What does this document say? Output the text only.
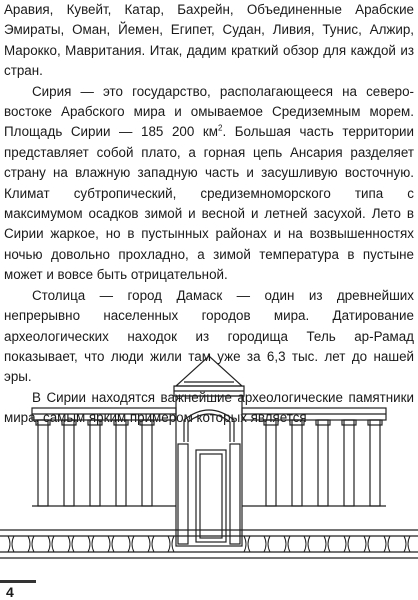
Аравия, Кувейт, Катар, Бахрейн, Объединенные Арабские Эмираты, Оман, Йемен, Египет, Судан, Ливия, Тунис, Алжир, Марокко, Мавритания. Итак, дадим краткий обзор для каждой из стран.

Сирия — это государство, располагающееся на северо-востоке Арабского мира и омываемое Средиземным морем. Площадь Сирии — 185 200 $км^2$. Большая часть территории представляет собой плато, а горная цепь Ансария разделяет страну на влажную западную часть и засушливую восточную. Климат субтропический, средиземноморского типа с максимумом осадков зимой и весной и летней засухой. Лето в Сирии жаркое, но в пустынных районах и на возвышенностях ночью довольно прохладно, а зимой температура в пустыне может и вовсе быть отрицательной.

Столица — город Дамаск — один из древнейших непрерывно населенных городов мира. Датирование археологических находок из городища Тель ар-Рамад показывает, что люди жили там уже за 6,3 тыс. лет до нашей эры.

В Сирии находятся важнейшие археологические памятники мира, самым ярким примером которых является

4
